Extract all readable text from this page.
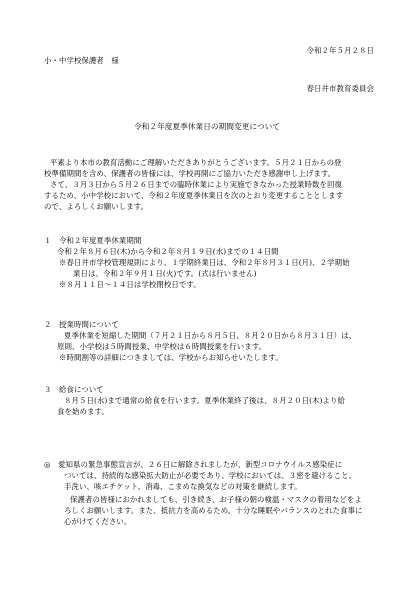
令和２年５月２８日
小・中学校保護者　様
春日井市教育委員会
令和２年度夏季休業日の期間変更について
平素より本市の教育活動にご理解いただきありがとうございます。５月２１日からの登
校準備期間を含め、保護者の皆様には、学校再開にご協力いただき感謝申し上げます。
さて、３月３日から５月２６日までの臨時休業により実施できなかった授業時数を回復
するため、小中学校において、令和２年度夏季休業日を次のとおり変更することとします
ので、よろしくお願いします。
１　令和２年度夏季休業期間
令和２年８月６日(木)から令和２年８月１９日(水)までの１４日間
※春日井市学校管理規則により、１学期終業日は、令和２年８月３１日(月)、２学期始
業日は、令和２年９月１日(火)です。(式は行いません)
※８月１１日～１４日は学校閉校日です。
２　授業時間について
夏季休業を短縮した期間（７月２１日から８月５日、８月２０日から８月３１日）は、
原則、小学校は５時間授業、中学校は６時間授業を行います。
※時間割等の詳細につきましては、学校からお知らせいたします。
３　給食について
８月５日(水)まで通常の給食を行います。夏季休業終了後は、８月２０日(木)より給
食を始めます。
◎　愛知県の緊急事態宣言が、２６日に解除されましたが、新型コロナウイルス感染症に
ついては、持続的な感染拡大防止が必要であり、学校においては、３密を避けること、
手洗い、咳エチケット、消毒、こまめな換気などの対策を継続します。
保護者の皆様におかれましても、引き続き、お子様の朝の検温・マスクの着用などをよ
ろしくお願いします。また、抵抗力を高めるため、十分な睡眠やバランスのとれた食事に
心がけてください。
